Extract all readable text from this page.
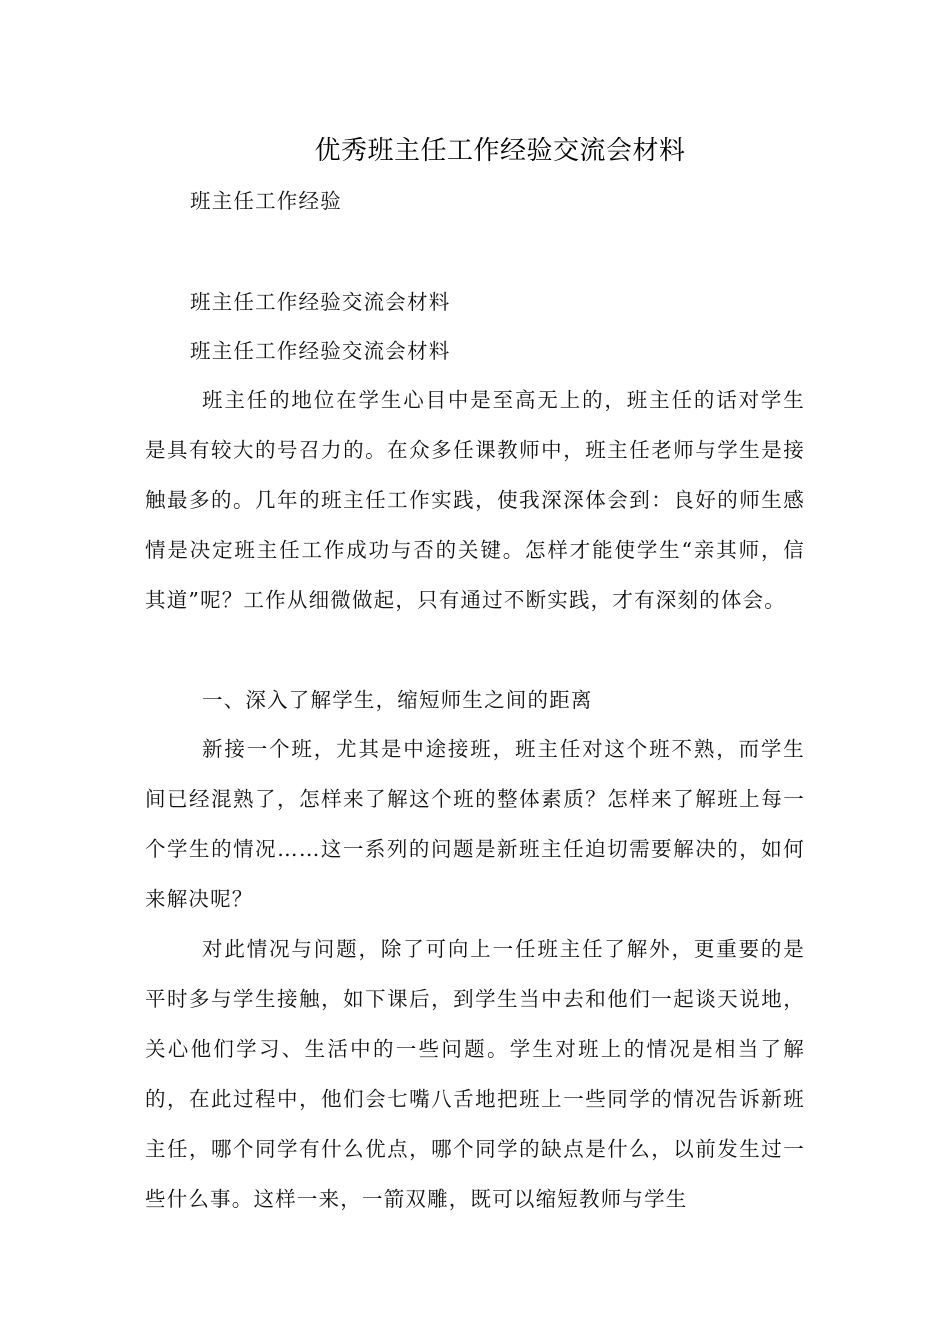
优秀班主任工作经验交流会材料
班主任工作经验
班主任工作经验交流会材料
班主任工作经验交流会材料

班主任的地位在学生心目中是至高无上的，班主任的话对学生是具有较大的号召力的。在众多任课教师中，班主任老师与学生是接触最多的。几年的班主任工作实践，使我深深体会到：良好的师生感情是决定班主任工作成功与否的关键。怎样才能使学生“亲其师，信其道”呢？工作从细微做起，只有通过不断实践，才有深刻的体会。

一、深入了解学生，缩短师生之间的距离

新接一个班，尤其是中途接班，班主任对这个班不熟，而学生间已经混熟了，怎样来了解这个班的整体素质？怎样来了解班上每一个学生的情况……这一系列的问题是新班主任迫切需要解决的，如何来解决呢？

对此情况与问题，除了可向上一任班主任了解外，更重要的是平时多与学生接触，如下课后，到学生当中去和他们一起谈天说地，关心他们学习、生活中的一些问题。学生对班上的情况是相当了解的，在此过程中，他们会七嘴八舌地把班上一些同学的情况告诉新班主任，哪个同学有什么优点，哪个同学的缺点是什么，以前发生过一些什么事。这样一来，一箭双雕，既可以缩短教师与学生
